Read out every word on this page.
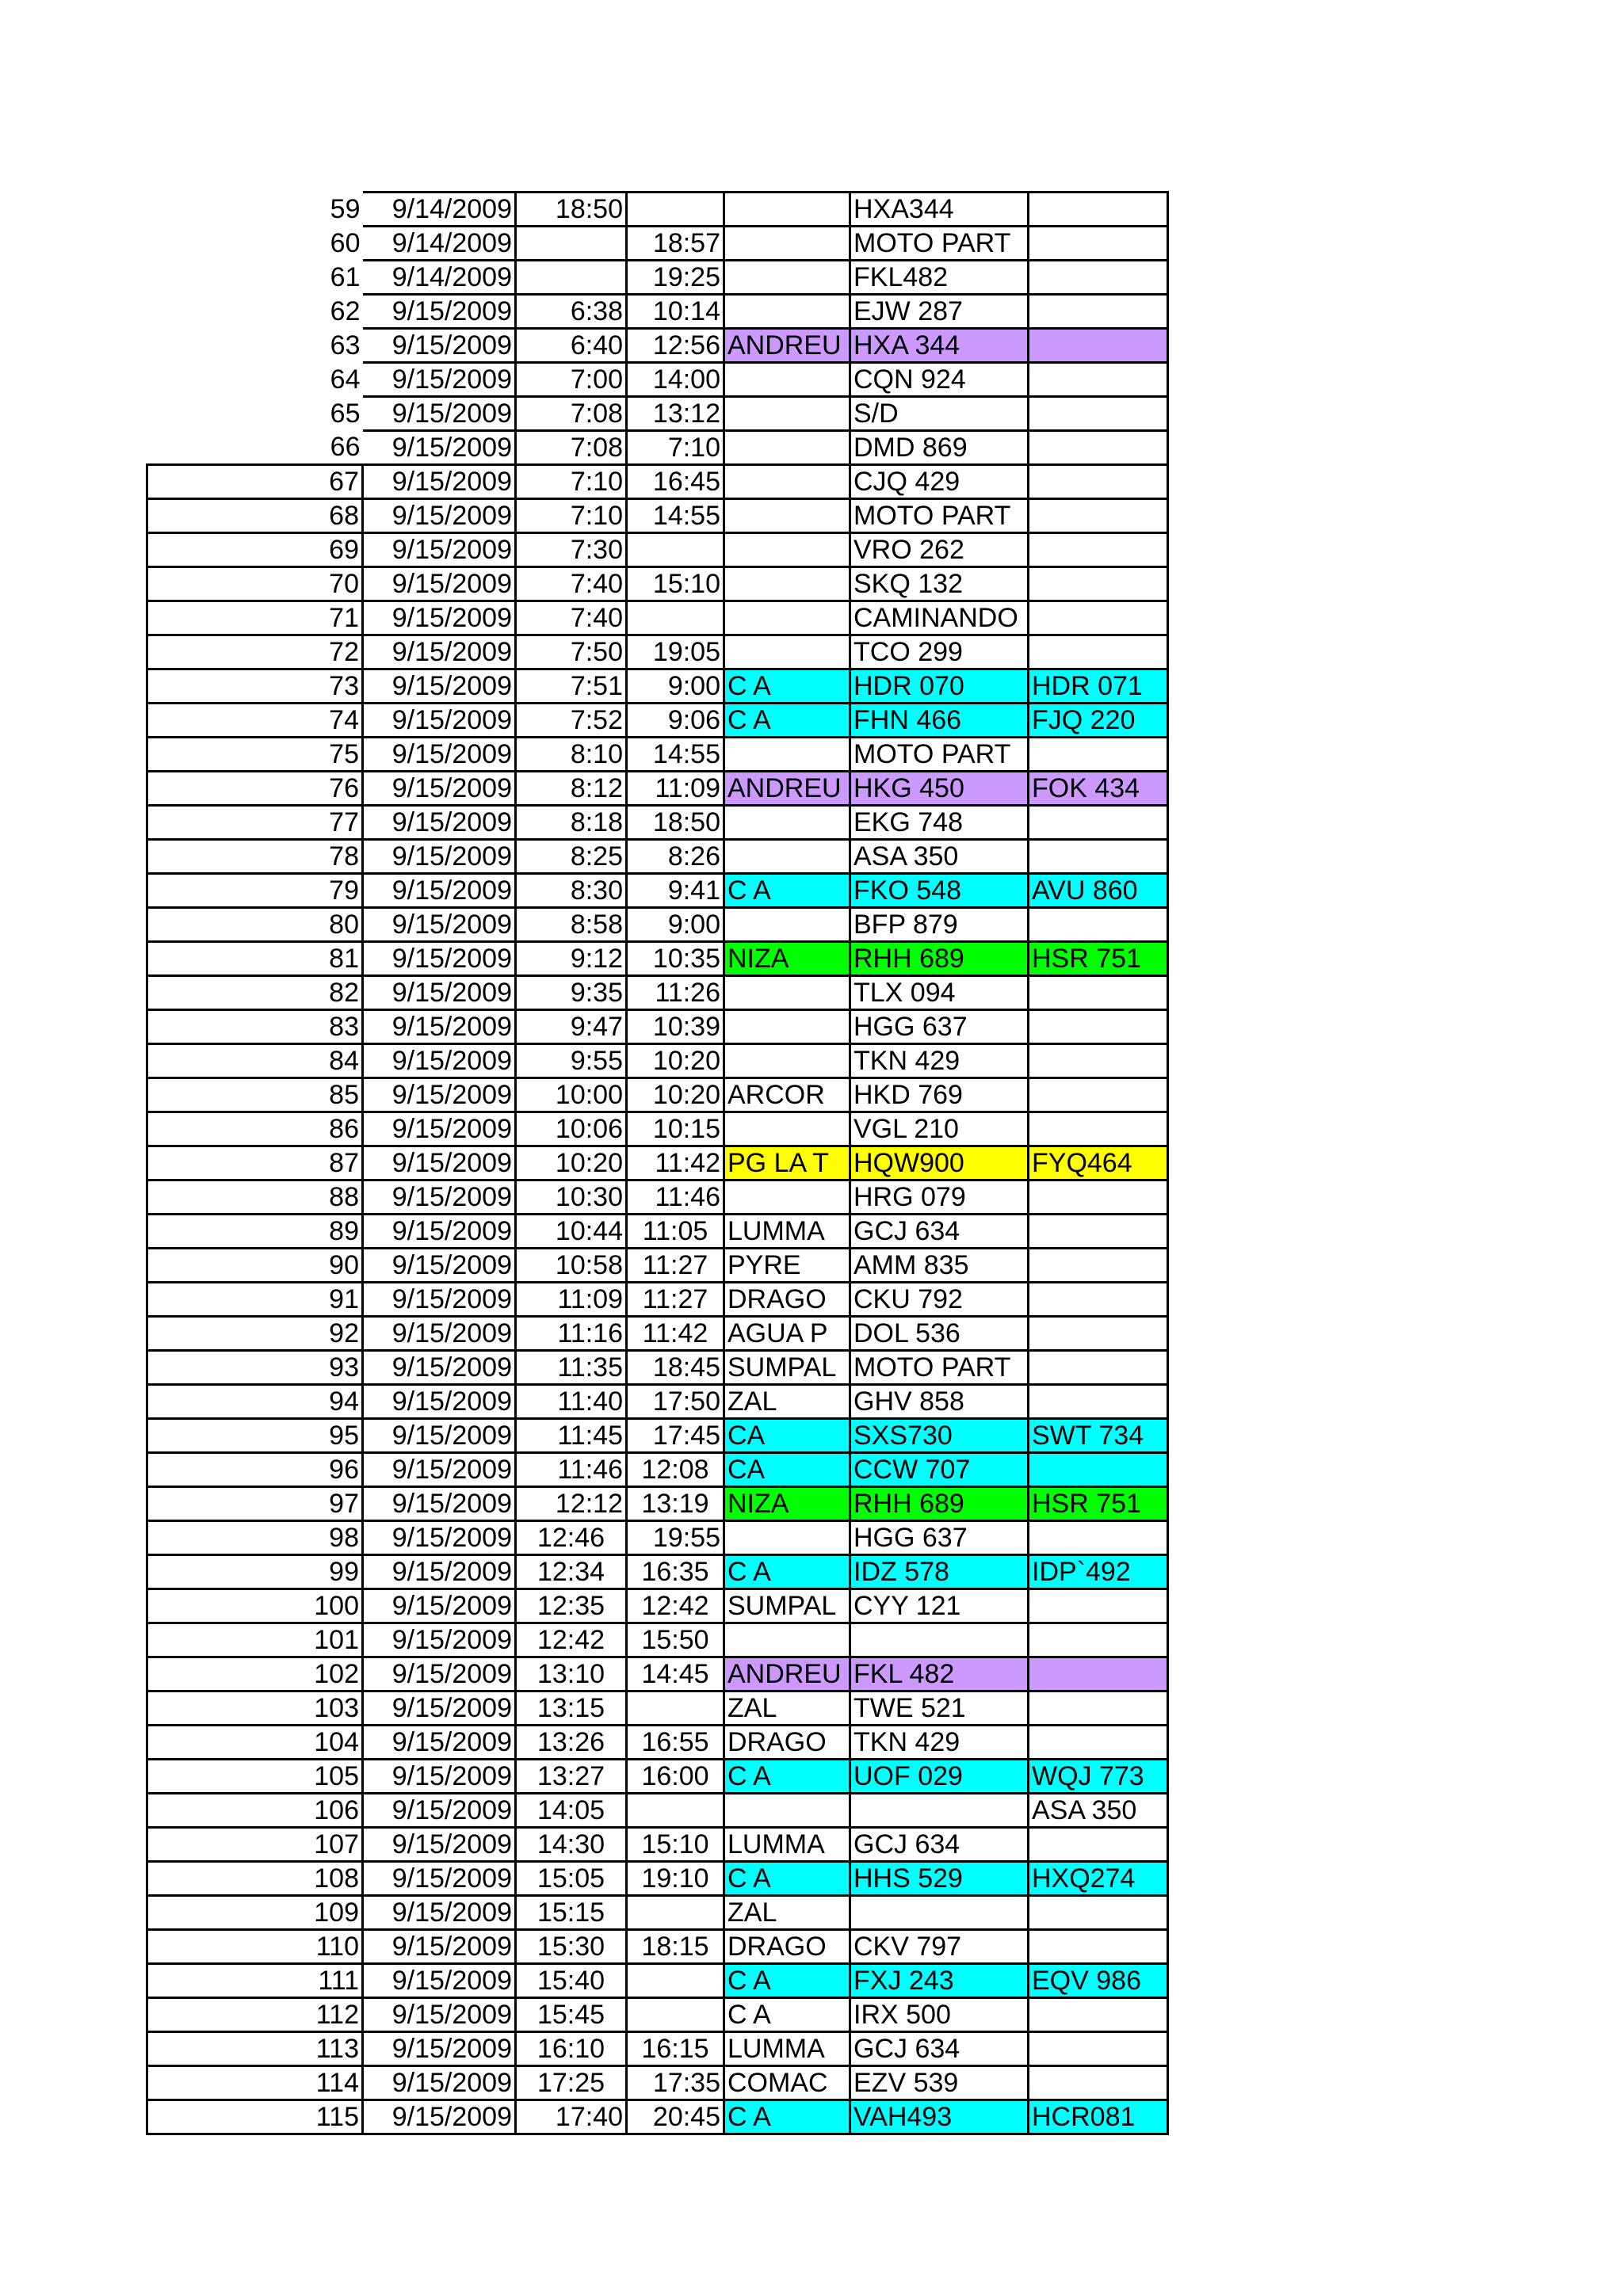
59	9/14/2009	18:50			HXA344	
60	9/14/2009		18:57		MOTO PART	
61	9/14/2009		19:25		FKL482	
62	9/15/2009	6:38	10:14		EJW 287	
63	9/15/2009	6:40	12:56	ANDREU	HXA 344	
64	9/15/2009	7:00	14:00		CQN 924	
65	9/15/2009	7:08	13:12		S/D	
66	9/15/2009	7:08	7:10		DMD 869	
67	9/15/2009	7:10	16:45		CJQ 429	
68	9/15/2009	7:10	14:55		MOTO PART	
69	9/15/2009	7:30			VRO 262	
70	9/15/2009	7:40	15:10		SKQ 132	
71	9/15/2009	7:40			CAMINANDO	
72	9/15/2009	7:50	19:05		TCO 299	
73	9/15/2009	7:51	9:00	C A	HDR 070	HDR 071
74	9/15/2009	7:52	9:06	C A	FHN 466	FJQ 220
75	9/15/2009	8:10	14:55		MOTO PART	
76	9/15/2009	8:12	11:09	ANDREU	HKG 450	FOK 434
77	9/15/2009	8:18	18:50		EKG 748	
78	9/15/2009	8:25	8:26		ASA 350	
79	9/15/2009	8:30	9:41	C A	FKO 548	AVU 860
80	9/15/2009	8:58	9:00		BFP 879	
81	9/15/2009	9:12	10:35	NIZA	RHH 689	HSR 751
82	9/15/2009	9:35	11:26		TLX 094	
83	9/15/2009	9:47	10:39		HGG 637	
84	9/15/2009	9:55	10:20		TKN 429	
85	9/15/2009	10:00	10:20	ARCOR	HKD 769	
86	9/15/2009	10:06	10:15		VGL 210	
87	9/15/2009	10:20	11:42	PG LA T	HQW900	FYQ464
88	9/15/2009	10:30	11:46		HRG 079	
89	9/15/2009	10:44	11:05	LUMMA	GCJ 634	
90	9/15/2009	10:58	11:27	PYRE	AMM 835	
91	9/15/2009	11:09	11:27	DRAGO	CKU 792	
92	9/15/2009	11:16	11:42	AGUA P	DOL 536	
93	9/15/2009	11:35	18:45	SUMPAL	MOTO PART	
94	9/15/2009	11:40	17:50	ZAL	GHV 858	
95	9/15/2009	11:45	17:45	CA	SXS730	SWT 734
96	9/15/2009	11:46	12:08	CA	CCW 707	
97	9/15/2009	12:12	13:19	NIZA	RHH 689	HSR 751
98	9/15/2009	12:46	19:55		HGG 637	
99	9/15/2009	12:34	16:35	C A	IDZ 578	IDP`492
100	9/15/2009	12:35	12:42	SUMPAL	CYY 121	
101	9/15/2009	12:42	15:50			
102	9/15/2009	13:10	14:45	ANDREU	FKL 482	
103	9/15/2009	13:15		ZAL	TWE 521	
104	9/15/2009	13:26	16:55	DRAGO	TKN 429	
105	9/15/2009	13:27	16:00	C A	UOF 029	WQJ 773
106	9/15/2009	14:05				ASA 350
107	9/15/2009	14:30	15:10	LUMMA	GCJ 634	
108	9/15/2009	15:05	19:10	C A	HHS 529	HXQ274
109	9/15/2009	15:15		ZAL		
110	9/15/2009	15:30	18:15	DRAGO	CKV 797	
111	9/15/2009	15:40		C A	FXJ 243	EQV 986
112	9/15/2009	15:45		C A	IRX 500	
113	9/15/2009	16:10	16:15	LUMMA	GCJ 634	
114	9/15/2009	17:25	17:35	COMAC	EZV 539	
115	9/15/2009	17:40	20:45	C A	VAH493	HCR081
